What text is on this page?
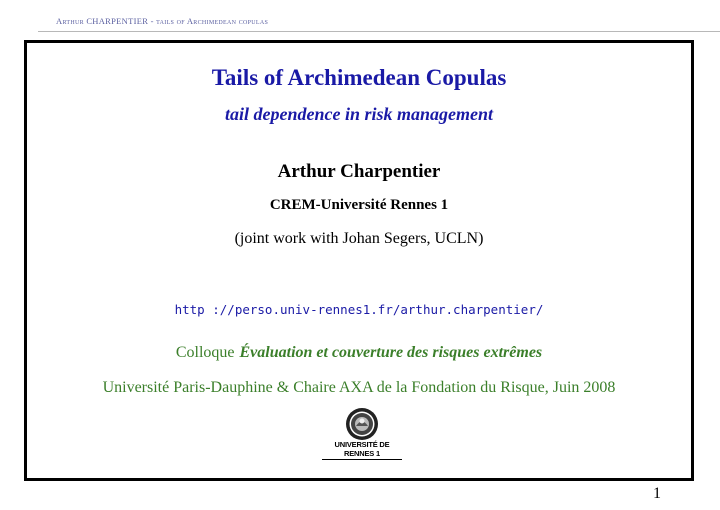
Arthur CHARPENTIER - tails of Archimedean copulas
Tails of Archimedean Copulas
tail dependence in risk management
Arthur Charpentier
CREM-Université Rennes 1
(joint work with Johan Segers, UCLN)
http ://perso.univ-rennes1.fr/arthur.charpentier/
Colloque Évaluation et couverture des risques extrêmes
Université Paris-Dauphine & Chaire AXA de la Fondation du Risque, Juin 2008
UNIVERSITÉ DE RENNES 1
1
